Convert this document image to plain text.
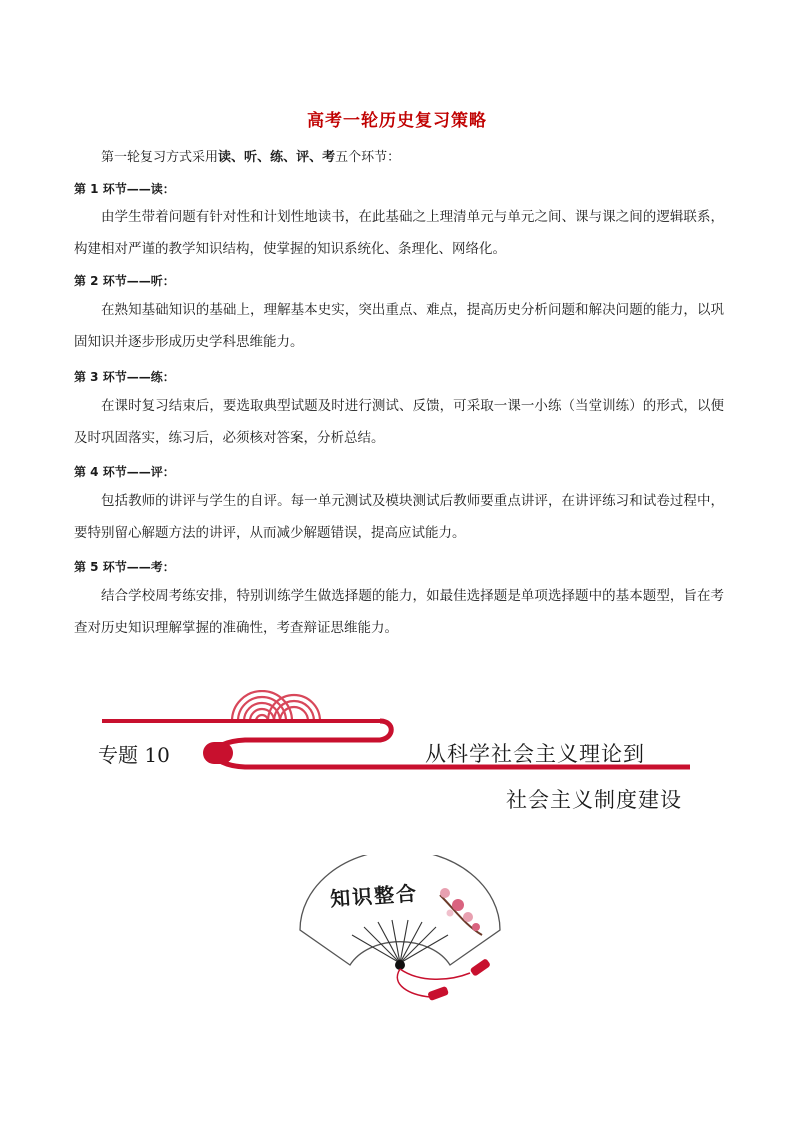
高考一轮历史复习策略
第一轮复习方式采用读、听、练、评、考五个环节：
第 1 环节——读：
由学生带着问题有针对性和计划性地读书，在此基础之上理清单元与单元之间、课与课之间的逻辑联系，构建相对严谨的教学知识结构，使掌握的知识系统化、条理化、网络化。
第 2 环节——听：
在熟知基础知识的基础上，理解基本史实，突出重点、难点，提高历史分析问题和解决问题的能力，以巩固知识并逐步形成历史学科思维能力。
第 3 环节——练：
在课时复习结束后，要选取典型试题及时进行测试、反馈，可采取一课一小练（当堂训练）的形式，以便及时巩固落实，练习后，必须核对答案，分析总结。
第 4 环节——评：
包括教师的讲评与学生的自评。每一单元测试及模块测试后教师要重点讲评，在讲评练习和试卷过程中，要特别留心解题方法的讲评，从而减少解题错误，提高应试能力。
第 5 环节——考：
结合学校周考练安排，特别训练学生做选择题的能力，如最佳选择题是单项选择题中的基本题型，旨在考查对历史知识理解掌握的准确性，考查辩证思维能力。
专题 10	从科学社会主义理论到
社会主义制度建设
知识整合
